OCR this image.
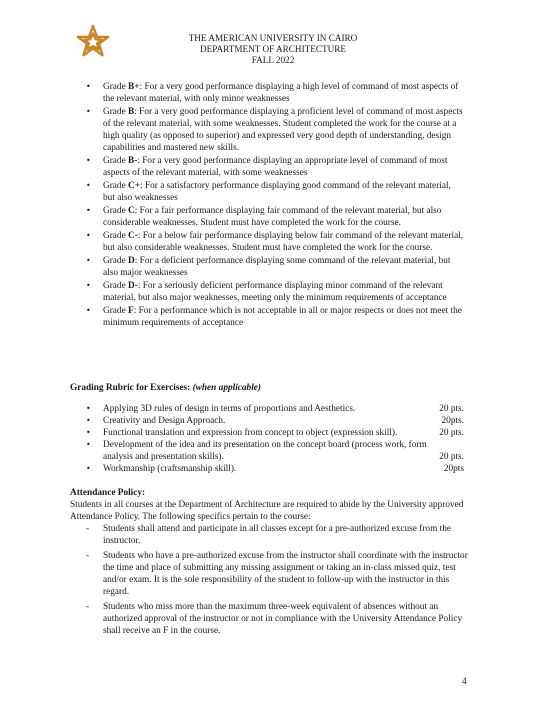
THE AMERICAN UNIVERSITY IN CAIRO
DEPARTMENT OF ARCHITECTURE
FALL 2022
• Grade B+: For a very good performance displaying a high level of command of most aspects of the relevant material, with only minor weaknesses
• Grade B: For a very good performance displaying a proficient level of command of most aspects of the relevant material, with some weaknesses. Student completed the work for the course at a high quality (as opposed to superior) and expressed very good depth of understanding, design capabilities and mastered new skills.
• Grade B-: For a very good performance displaying an appropriate level of command of most aspects of the relevant material, with some weaknesses
• Grade C+: For a satisfactory performance displaying good command of the relevant material, but also weaknesses
• Grade C: For a fair performance displaying fair command of the relevant material, but also considerable weaknesses. Student must have completed the work for the course.
• Grade C-: For a below fair performance displaying below fair command of the relevant material, but also considerable weaknesses. Student must have completed the work for the course.
• Grade D: For a deficient performance displaying some command of the relevant material, but also major weaknesses
• Grade D-: For a seriously deficient performance displaying minor command of the relevant material, but also major weaknesses, meeting only the minimum requirements of acceptance
• Grade F: For a performance which is not acceptable in all or major respects or does not meet the minimum requirements of acceptance
Grading Rubric for Exercises: (when applicable)
• Applying 3D rules of design in terms of proportions and Aesthetics.	20 pts.
• Creativity and Design Approach.	20pts.
• Functional translation and expression from concept to object (expression skill).	20 pts.
• Development of the idea and its presentation on the concept board (process work, form
analysis and presentation skills).	20 pts.
• Workmanship (craftsmanship skill).	20pts
Attendance Policy:
Students in all courses at the Department of Architecture are required to abide by the University approved Attendance Policy. The following specifics pertain to the course:
- Students shall attend and participate in all classes except for a pre-authorized excuse from the instructor.
- Students who have a pre-authorized excuse from the instructor shall coordinate with the instructor the time and place of submitting any missing assignment or taking an in-class missed quiz, test and/or exam. It is the sole responsibility of the student to follow-up with the instructor in this regard.
- Students who miss more than the maximum three-week equivalent of absences without an authorized approval of the instructor or not in compliance with the University Attendance Policy shall receive an F in the course.
4
